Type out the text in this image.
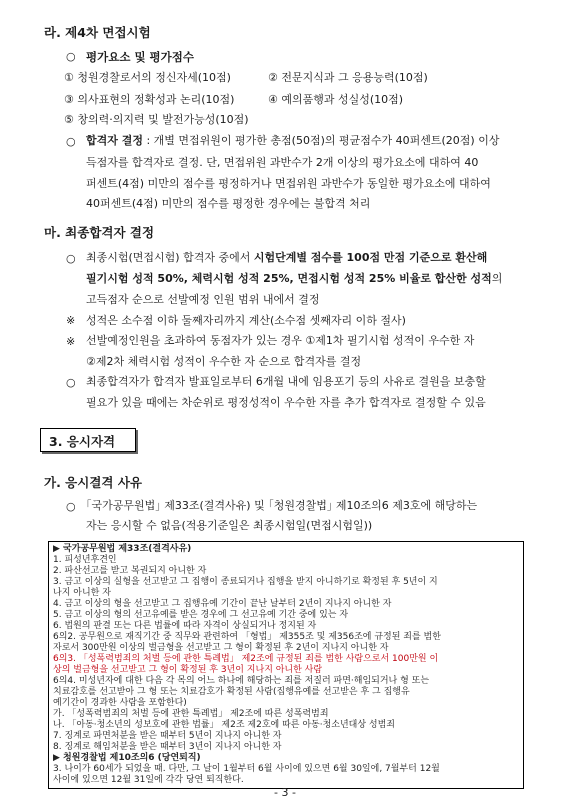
라. 제4차 면접시험
○ 평가요소 및 평가점수
① 청원경찰로서의 정신자세(10점)	② 전문지식과 그 응용능력(10점)
③ 의사표현의 정확성과 논리(10점)	④ 예의품행과 성실성(10점)
⑤ 창의력·의지력 및 발전가능성(10점)
○ 합격자 결정 : 개별 면접위원이 평가한 총점(50점)의 평균점수가 40퍼센트(20점) 이상
득점자를 합격자로 결정. 단, 면접위원 과반수가 2개 이상의 평가요소에 대하여 40
퍼센트(4점) 미만의 점수를 평정하거나 면접위원 과반수가 동일한 평가요소에 대하여
40퍼센트(4점) 미만의 점수를 평정한 경우에는 불합격 처리
마. 최종합격자 결정
○ 최종시험(면접시험) 합격자 중에서 시험단계별 점수를 100점 만점 기준으로 환산해
필기시험 성적 50%, 체력시험 성적 25%, 면접시험 성적 25% 비율로 합산한 성적의
고득점자 순으로 선발예정 인원 범위 내에서 결정
※ 성적은 소수점 이하 둘째자리까지 계산(소수점 셋째자리 이하 절사)
※ 선발예정인원을 초과하여 동점자가 있는 경우 ①제1차 필기시험 성적이 우수한 자
②제2차 체력시험 성적이 우수한 자 순으로 합격자를 결정
○ 최종합격자가 합격자 발표일로부터 6개월 내에 임용포기 등의 사유로 결원을 보충할
필요가 있을 때에는 차순위로 평정성적이 우수한 자를 추가 합격자로 결정할 수 있음
3. 응시자격
가. 응시결격 사유
○ ｢국가공무원법｣ 제33조(결격사유) 및 ｢청원경찰법｣ 제10조의6 제3호에 해당하는
자는 응시할 수 없음(적용기준일은 최종시험일(면접시험일))
▶ 국가공무원법 제33조(결격사유)
1. 피성년후견인
2. 파산선고를 받고 복권되지 아니한 자
3. 금고 이상의 실형을 선고받고 그 집행이 종료되거나 집행을 받지 아니하기로 확정된 후 5년이 지
나지 아니한 자
4. 금고 이상의 형을 선고받고 그 집행유예 기간이 끝난 날부터 2년이 지나지 아니한 자
5. 금고 이상의 형의 선고유예를 받은 경우에 그 선고유예 기간 중에 있는 자
6. 법원의 판결 또는 다른 법률에 따라 자격이 상실되거나 정지된 자
6의2. 공무원으로 재직기간 중 직무와 관련하여 「형법」 제355조 및 제356조에 규정된 죄를 범한
자로서 300만원 이상의 벌금형을 선고받고 그 형이 확정된 후 2년이 지나지 아니한 자
6의3. 「성폭력범죄의 처벌 등에 관한 특례법」 제2조에 규정된 죄를 범한 사람으로서 100만원 이
상의 벌금형을 선고받고 그 형이 확정된 후 3년이 지나지 아니한 사람
6의4. 미성년자에 대한 다음 각 목의 어느 하나에 해당하는 죄를 저질러 파면·해임되거나 형 또는
치료감호를 선고받아 그 형 또는 치료감호가 확정된 사람(집행유예를 선고받은 후 그 집행유
예기간이 경과한 사람을 포함한다)
가. 「성폭력범죄의 처벌 등에 관한 특례법」 제2조에 따른 성폭력범죄
나. 「아동·청소년의 성보호에 관한 법률」 제2조 제2호에 따른 아동·청소년대상 성범죄
7. 징계로 파면처분을 받은 때부터 5년이 지나지 아니한 자
8. 징계로 해임처분을 받은 때부터 3년이 지나지 아니한 자
▶ 청원경찰법 제10조의6 (당연퇴직)
3. 나이가 60세가 되었을 때. 다만, 그 날이 1월부터 6월 사이에 있으면 6월 30일에, 7월부터 12월
사이에 있으면 12월 31일에 각각 당연 퇴직한다.
- 3 -
